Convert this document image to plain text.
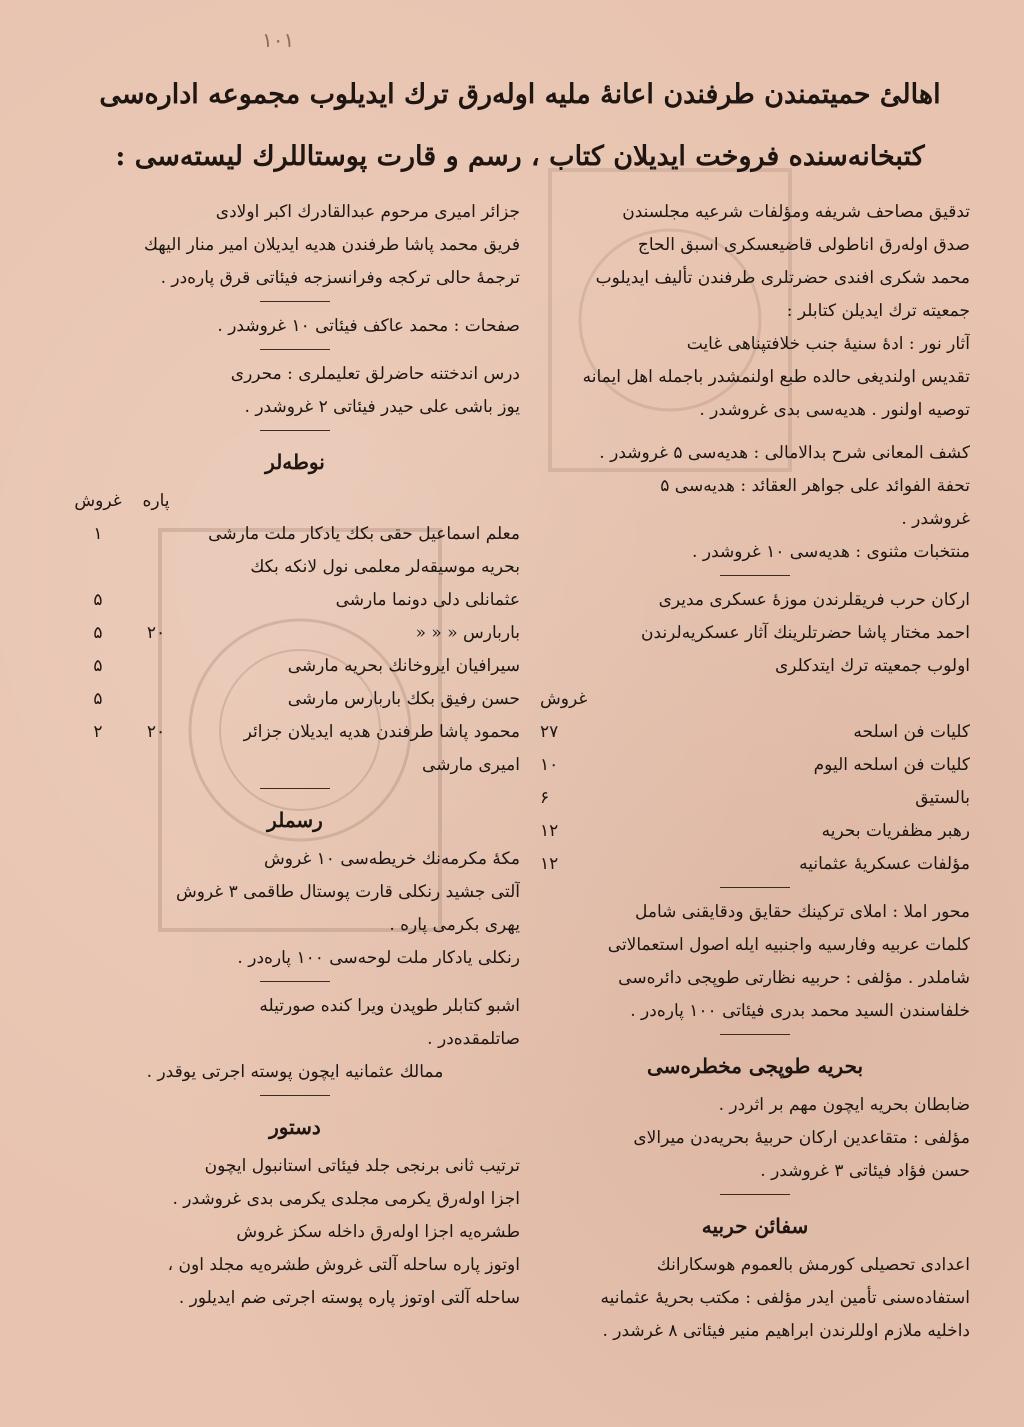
۱۰۱
اهالیٔ حمیتمندن طرفندن اعانهٔ ملیه اولەرق ترك ایدیلوب مجموعه ادارەسی
کتبخانه‌سنده فروخت ایدیلان کتاب ، رسم و قارت پوستاللرك لیستەسی :
تدقیق مصاحف شریفه ومؤلفات شرعیه مجلسندن
صدق اولەرق اناطولی قاضیعسکری اسبق الحاج
محمد شکری افندی حضرتلری طرفندن تألیف ایدیلوب
جمعیته ترك ایدیلن کتابلر :
آثار نور : ادهٔ سنیهٔ جنب خلافتپناهی غایت
تقدیس اولندیغی حالده طبع اولنمشدر باجمله اهل ایمانه
توصیه اولنور . هدیه‌سی بدی غروشدر .
کشف المعانی شرح بدالامالی : هدیه‌سی ۵ غروشدر .
تحفة الفوائد علی جواهر العقائد : هدیه‌سی ۵
غروشدر .
منتخبات مثنوی : هدیه‌سی ۱۰ غروشدر .
ارکان حرب فریقلرندن موزهٔ عسکری مدیری
احمد مختار پاشا حضرتلرینك آثار عسکریه‌لرندن
اولوب جمعیته ترك ایتدکلری
غروش
کلیات فن اسلحه
۲۷
کلیات فن اسلحه الیوم
۱۰
بالستیق
۶
رهبر مظفریات بحریه
۱۲
مؤلفات عسکریهٔ عثمانیه
۱۲
محور املا : املای ترکینك حقایق ودقایقنی شامل
کلمات عربیه وفارسیه واجنبیه ایله اصول استعمالاتی
شاملدر . مؤلفی : حربیه نظارتی طوپجی دائرەسی
خلفاسندن السید محمد بدری فیئاتی ۱۰۰ پارەدر .
بحریه طوپجی مخطرەسی
ضابطان بحریه ایچون مهم بر اثردر .
مؤلفی : متقاعدین ارکان حربیهٔ بحریه‌دن میرالای
حسن فؤاد فیئاتی ۳ غروشدر .
سفائن حربیه
اعدادی تحصیلی کورمش بالعموم هوسکارانك
استفادەسنی تأمین ایدر مؤلفی : مکتب بحریهٔ عثمانیه
داخلیه ملازم اوللرندن ابراهیم منیر فیئاتی ۸ غرشدر .
جزائر امیری مرحوم عبدالقادرك اکبر اولادی
فریق محمد پاشا طرفندن هدیه ایدیلان امیر منار الیهك
ترجمهٔ حالی ترکجه وفرانسزجه فیئاتی قرق پارەدر .
صفحات : محمد عاکف فیئاتی ۱۰ غروشدر .
درس اندختنه حاضرلق تعلیملری : محرری
یوز باشی علی حیدر فیئاتی ۲ غروشدر .
نوطه‌لر
پاره
غروش
معلم اسماعیل حقی بکك یادکار ملت مارشی
۱
بحریه موسیقه‌لر معلمی نول لانکه بکك
عثمانلی دلی دونما مارشی
۵
باربارس « « «
۲۰
۵
سیرافیان ایروخانك بحریه مارشی
۵
حسن رفیق بکك باربارس مارشی
۵
محمود پاشا طرفندن هدیه ایدیلان جزائر
۲۰
۲
امیری مارشی
رسملر
مکهٔ مکرمه‌نك خریطه‌سی ۱۰ غروش
آلتی جشید رنکلی قارت پوستال طاقمی ۳ غروش
یهری بکرمی پاره .
رنکلی یادکار ملت لوحه‌سی ۱۰۰ پارەدر .
اشبو کتابلر طوپدن ویرا کنده صورتیله
صاتلمقده‌در .
ممالك عثمانیه ایچون پوسته اجرتی یوقدر .
دستور
ترتیب ثانی برنجی جلد فیئاتی استانبول ایچون
اجزا اولەرق یکرمی مجلدی یکرمی بدی غروشدر .
طشره‌یه اجزا اولەرق داخله سکز غروش
اوتوز پاره ساحله آلتی غروش طشره‌یه مجلد اون ،
ساحله آلتی اوتوز پاره پوسته اجرتی ضم ایدیلور .
